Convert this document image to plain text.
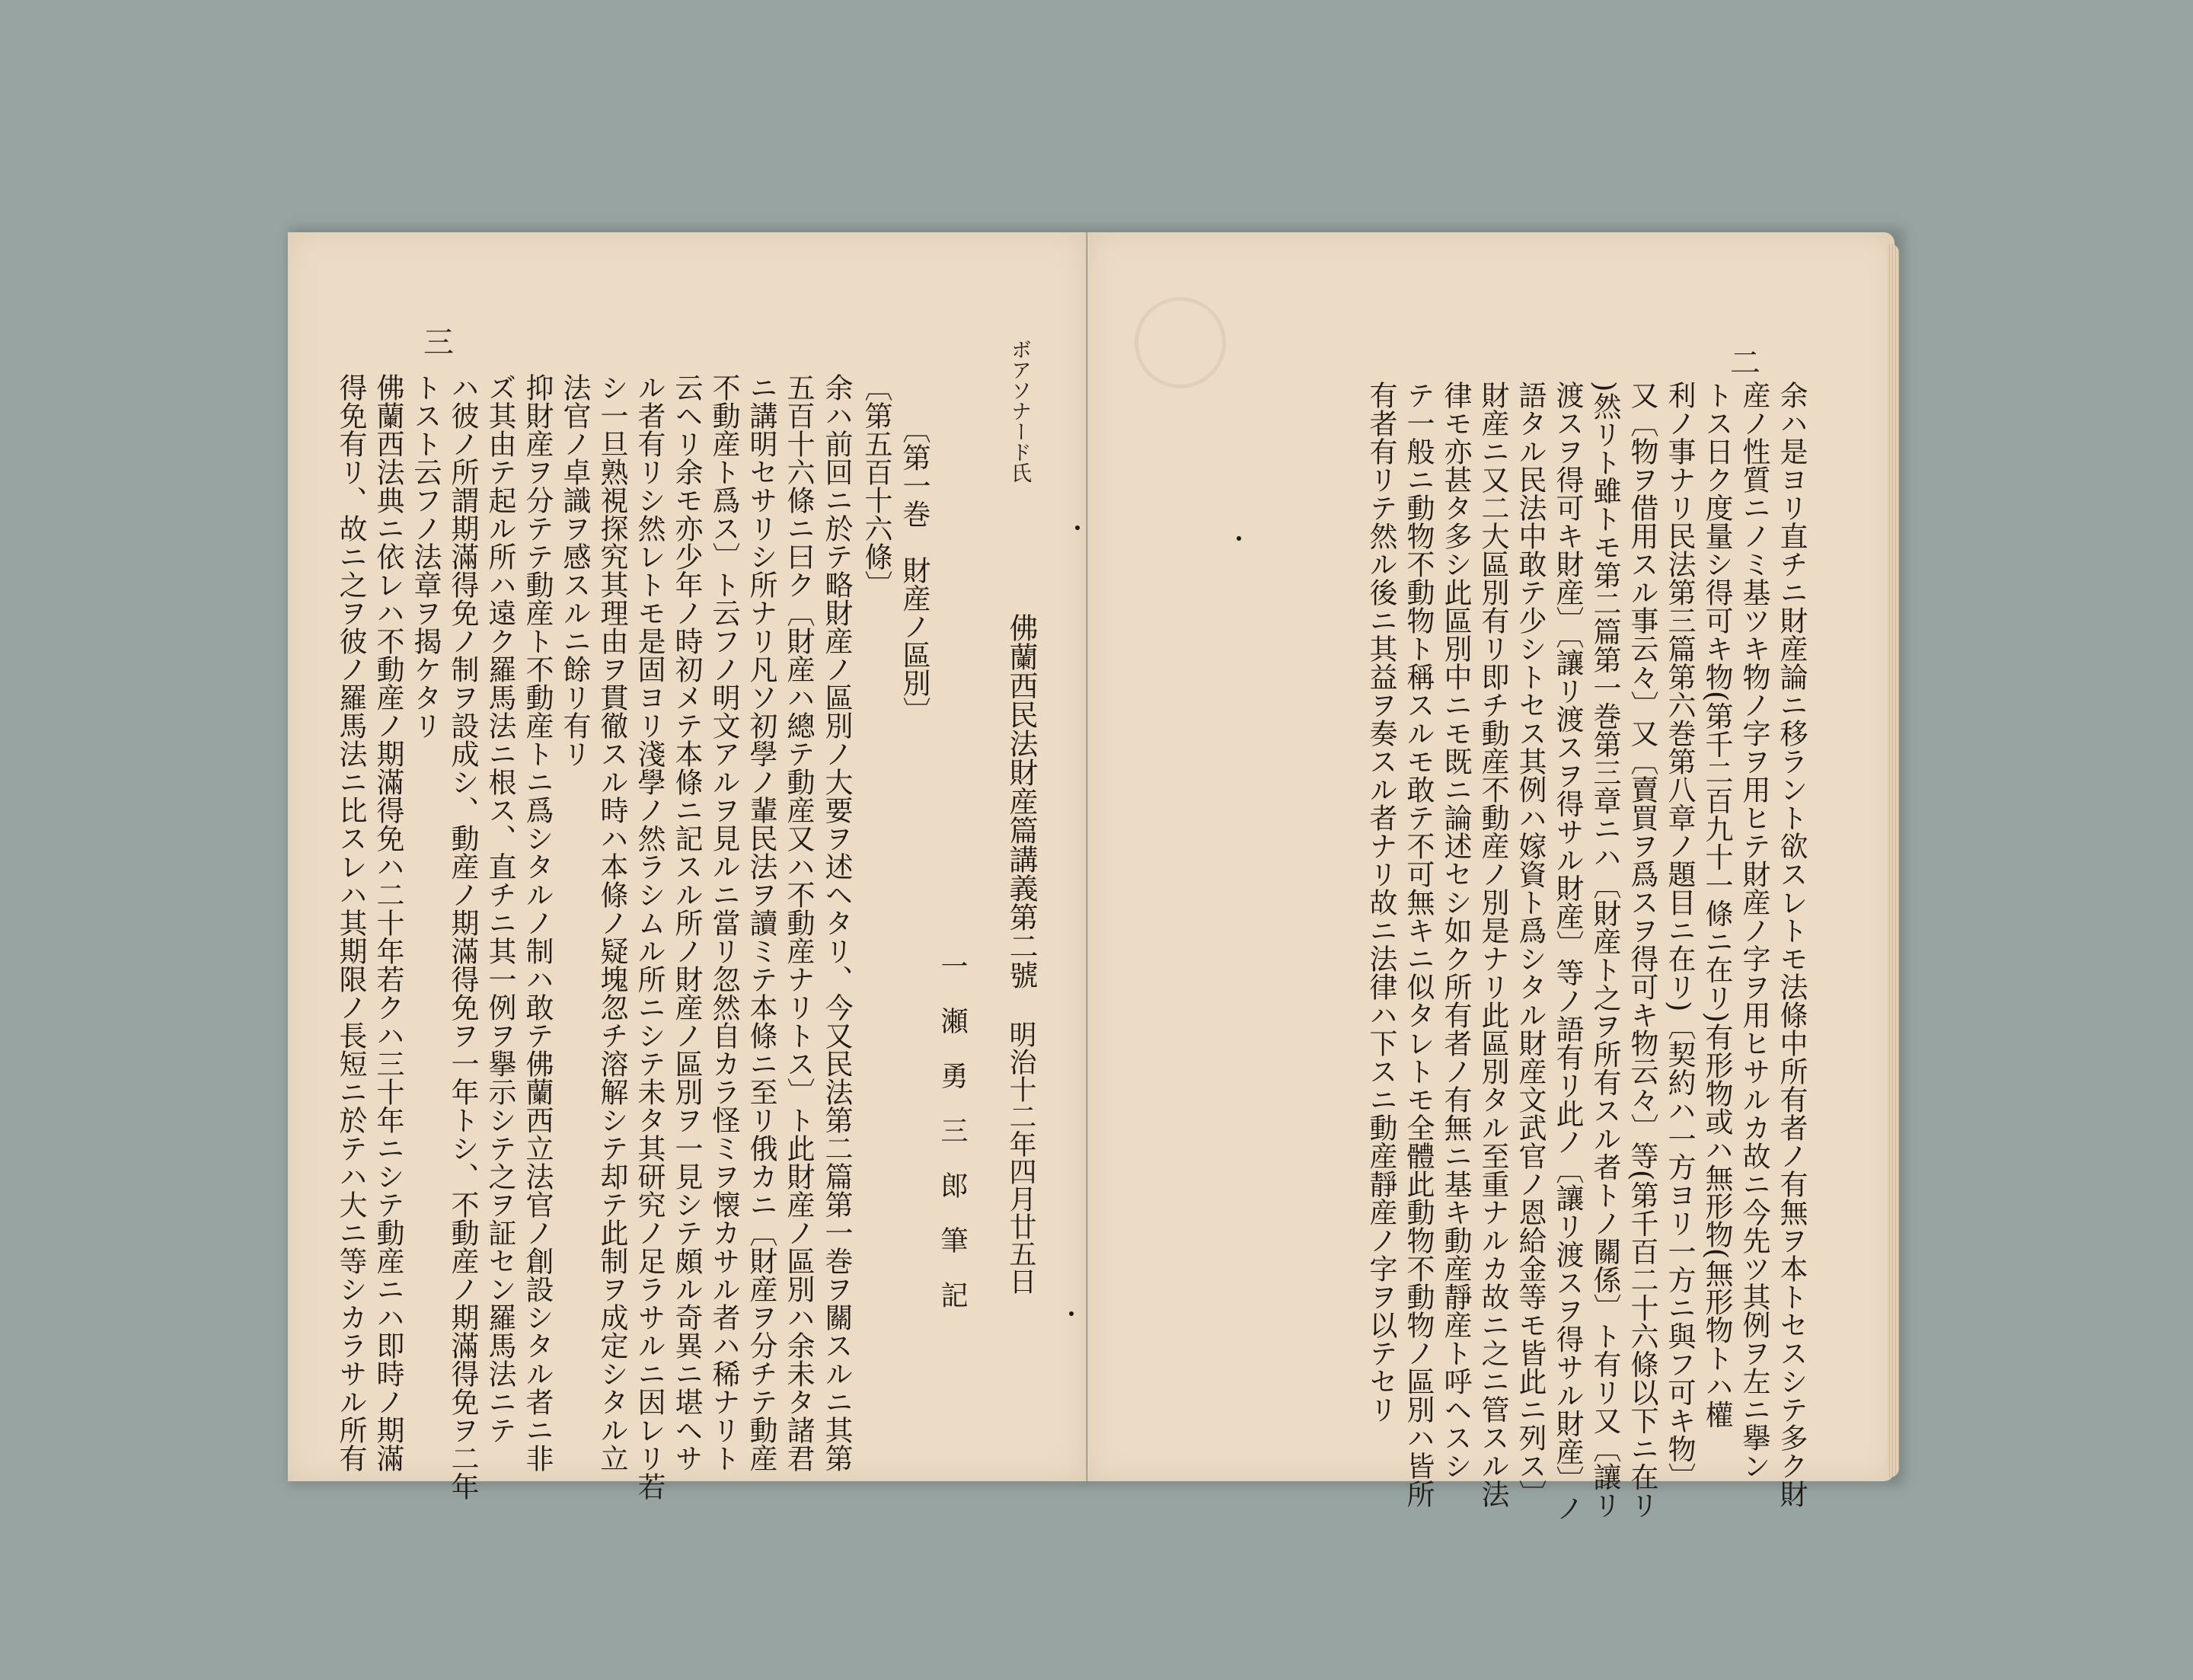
三	ボアソナード氏
佛蘭西民法財産篇講義第二號
明治十二年四月廿五日
一　瀬　勇　三　郎　筆　記
〔第一巻　財産ノ區別〕
〔第五百十六條〕
余ハ前回ニ於テ略財産ノ區別ノ大要ヲ述ヘタリ、今又民法第二篇第一巻ヲ關スルニ其第
五百十六條ニ曰ク〔財産ハ總テ動産又ハ不動産ナリトス〕ト此財産ノ區別ハ余未タ諸君
ニ講明セサリシ所ナリ凡ソ初學ノ輩民法ヲ讀ミテ本條ニ至リ俄カニ〔財産ヲ分チテ動産
不動産ト爲ス〕ト云フノ明文アルヲ見ルニ當リ忽然自カラ怪ミヲ懐カサル者ハ稀ナリト
云ヘリ余モ亦少年ノ時初メテ本條ニ記スル所ノ財産ノ區別ヲ一見シテ頗ル奇異ニ堪ヘサ
ル者有リシ然レトモ是固ヨリ淺學ノ然ラシムル所ニシテ未タ其研究ノ足ラサルニ因レリ若
シ一旦熟視探究其理由ヲ貫徹スル時ハ本條ノ疑塊忽チ溶解シテ却テ此制ヲ成定シタル立
法官ノ卓識ヲ感スルニ餘リ有リ
抑財産ヲ分テテ動産ト不動産トニ爲シタルノ制ハ敢テ佛蘭西立法官ノ創設シタル者ニ非
ズ其由テ起ル所ハ遠ク羅馬法ニ根ス、直チニ其一例ヲ擧示シテ之ヲ証セン羅馬法ニテ
ハ彼ノ所謂期滿得免ノ制ヲ設成シ、動産ノ期滿得免ヲ一年トシ、不動産ノ期滿得免ヲ二年
トスト云フノ法章ヲ揭ケタリ
佛蘭西法典ニ依レハ不動産ノ期滿得免ハ二十年若クハ三十年ニシテ動産ニハ即時ノ期滿
得免有リ、故ニ之ヲ彼ノ羅馬法ニ比スレハ其期限ノ長短ニ於テハ大ニ等シカラサル所有
二
余ハ是ヨリ直チニ財産論ニ移ラント欲スレトモ法條中所有者ノ有無ヲ本トセスシテ多ク財
産ノ性質ニノミ基ツキ物ノ字ヲ用ヒテ財産ノ字ヲ用ヒサルカ故ニ今先ツ其例ヲ左ニ擧ン
トス日ク度量シ得可キ物(第千二百九十一條ニ在リ)有形物或ハ無形物(無形物トハ權
利ノ事ナリ民法第三篇第六巻第八章ノ題目ニ在リ)〔契約ハ一方ヨリ一方ニ與フ可キ物〕
又〔物ヲ借用スル事云々〕又〔賣買ヲ爲スヲ得可キ物云々〕等(第千百二十六條以下ニ在リ
)然リト雖トモ第二篇第一巻第三章ニハ〔財産ト之ヲ所有スル者トノ關係〕ト有リ又〔讓リ
渡スヲ得可キ財産〕〔讓リ渡スヲ得サル財産〕等ノ語有リ此ノ〔讓リ渡スヲ得サル財産〕ノ
語タル民法中敢テ少シトセス其例ハ嫁資ト爲シタル財産文武官ノ恩給金等モ皆此ニ列ス〕
財産ニ又二大區別有リ即チ動産不動産ノ別是ナリ此區別タル至重ナルカ故ニ之ニ管スル法
律モ亦甚タ多シ此區別中ニモ既ニ論述セシ如ク所有者ノ有無ニ基キ動産靜産ト呼ヘスシ
テ一般ニ動物不動物ト稱スルモ敢テ不可無キニ似タレトモ全體此動物不動物ノ區別ハ皆所
有者有リテ然ル後ニ其益ヲ奏スル者ナリ故ニ法律ハ下スニ動産靜産ノ字ヲ以テセリ
